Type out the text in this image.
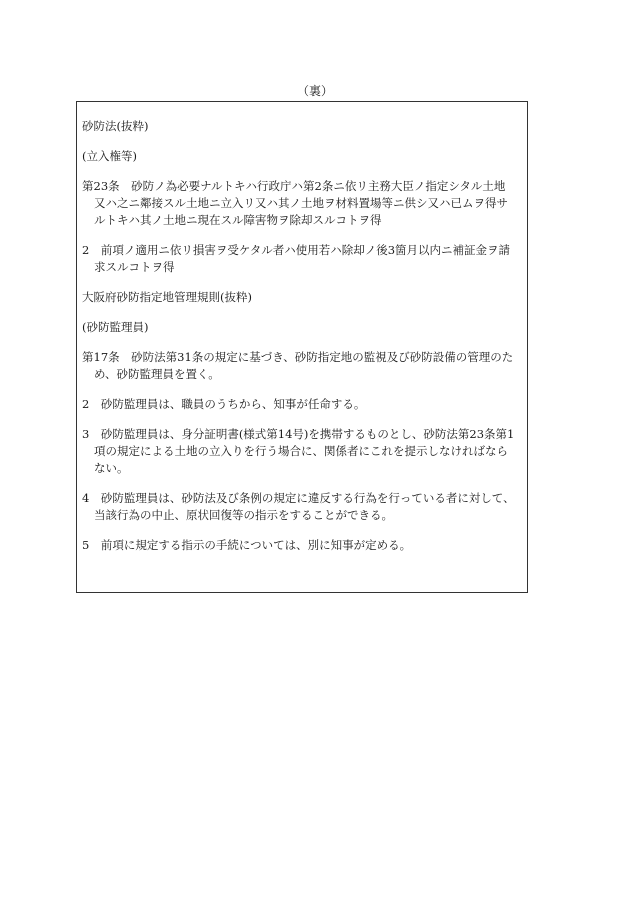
（裏）

砂防法(抜粋)

(立入権等)

第23条　砂防ノ為必要ナルトキハ行政庁ハ第2条ニ依リ主務大臣ノ指定シタル土地

又ハ之ニ鄰接スル土地ニ立入リ又ハ其ノ土地ヲ材料置場等ニ供シ又ハ已ムヲ得サ

ルトキハ其ノ土地ニ現在スル障害物ヲ除却スルコトヲ得

2　前項ノ適用ニ依リ損害ヲ受ケタル者ハ使用若ハ除却ノ後3箇月以内ニ補証金ヲ請

求スルコトヲ得

大阪府砂防指定地管理規則(抜粋)

(砂防監理員)

第17条　砂防法第31条の規定に基づき、砂防指定地の監視及び砂防設備の管理のた

め、砂防監理員を置く。

2　砂防監理員は、職員のうちから、知事が任命する。

3　砂防監理員は、身分証明書(様式第14号)を携帯するものとし、砂防法第23条第1

項の規定による土地の立入りを行う場合に、関係者にこれを提示しなければなら

ない。

4　砂防監理員は、砂防法及び条例の規定に違反する行為を行っている者に対して、

当該行為の中止、原状回復等の指示をすることができる。

5　前項に規定する指示の手続については、別に知事が定める。
